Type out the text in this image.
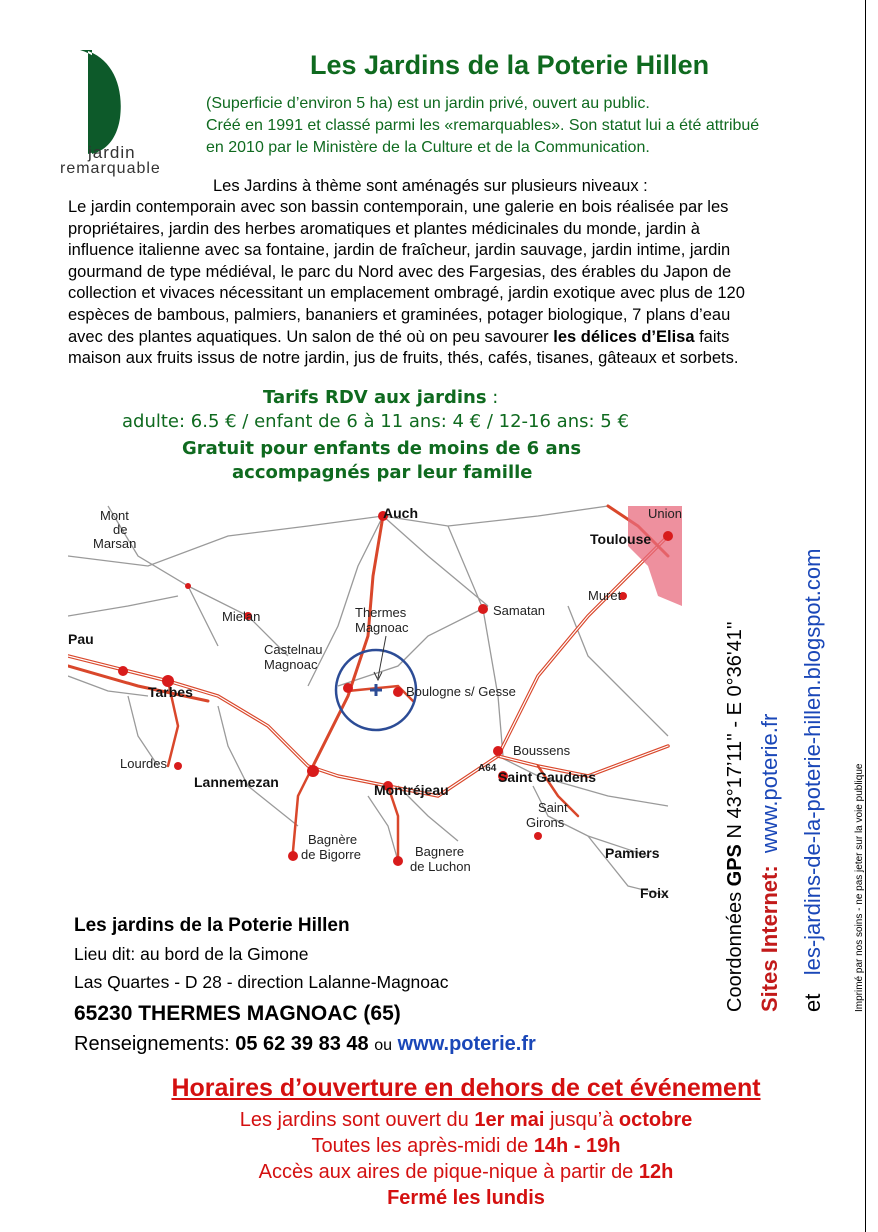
jardin
remarquable
Les Jardins de la Poterie Hillen
(Superficie d’environ 5 ha) est un jardin privé, ouvert au public.
Créé en 1991 et classé parmi les «remarquables». Son statut lui a été attribué
en 2010 par le Ministère de la Culture et de la Communication.
Les Jardins à thème sont aménagés sur plusieurs niveaux :

Le jardin contemporain avec son bassin contemporain, une galerie en bois réalisée par les

propriétaires, jardin des herbes aromatiques et plantes médicinales du monde, jardin à

influence italienne avec sa fontaine, jardin de fraîcheur, jardin sauvage, jardin intime, jardin

gourmand de type médiéval, le parc du Nord avec des Fargesias, des érables du Japon de

collection et vivaces nécessitant un emplacement ombragé, jardin exotique avec plus de 120

espèces de bambous, palmiers, bananiers et graminées, potager biologique, 7 plans d’eau

avec des plantes aquatiques. Un salon de thé où on peu savourer les délices d’Elisa faits

maison aux fruits issus de notre jardin, jus de fruits, thés, cafés, tisanes, gâteaux et sorbets.

Tarifs RDV aux jardins :
adulte: 6.5 € / enfant de 6 à 11 ans: 4 € / 12-16 ans: 5 €
Gratuit pour enfants de moins de 6 ans
accompagnés par leur famille
Mont
de
Marsan
Auch	Union
Toulouse
Thermes
Magnoac
Mielan	Samatan
Muret
Pau
Castelnau
Magnoac
Tarbes	Boulogne s/ Gesse
Boussens
A64
Saint Gaudens
Lourdes
Lannemezan	Montréjeau
Saint
Girons
Bagnère
de Bigorre	Bagnere
de Luchon
Pamiers
Foix
Les jardins de la Poterie Hillen
Lieu dit: au bord de la Gimone
Las Quartes - D 28 - direction Lalanne-Magnoac
65230 THERMES MAGNOAC (65)
Renseignements: 05 62 39 83 48 ou www.poterie.fr
Horaires d’ouverture en dehors de cet événement
Les jardins sont ouvert du 1er mai jusqu’à octobre
Toutes les après-midi de 14h - 19h
Accès aux aires de pique-nique à partir de 12h
Fermé les lundis
Coordonnées GPS N 43°17’11'' - E 0°36'41''
Sites Internet:  www.poterie.fr
et   les-jardins-de-la-poterie-hillen.blogspot.com	Imprimé par nos soins - ne pas jeter sur la voie publique
